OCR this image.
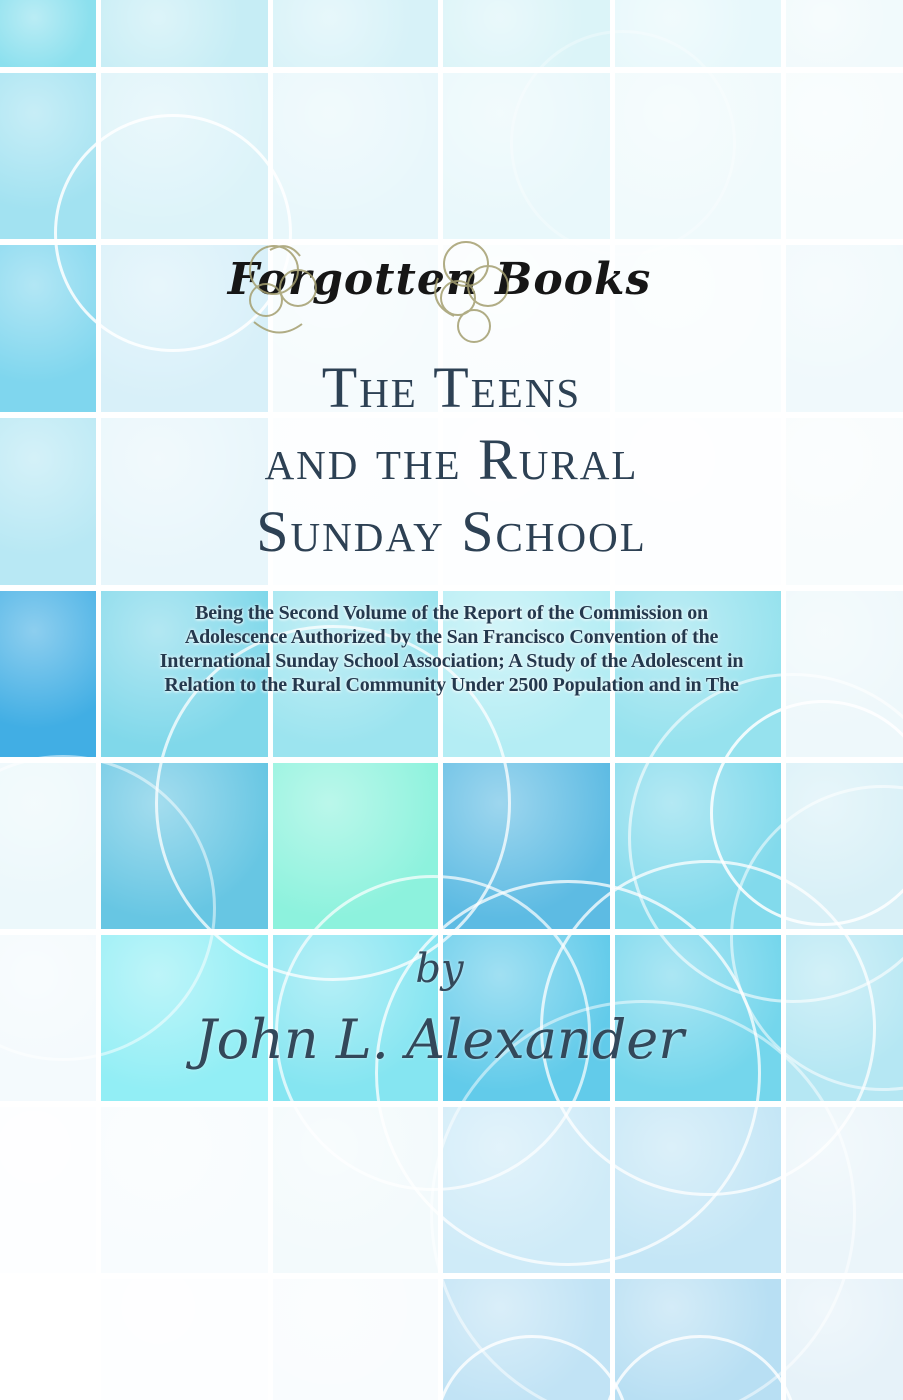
Forgotten Books
The Teens
and the Rural
Sunday School
Being the Second Volume of the Report of the Commission on
Adolescence Authorized by the San Francisco Convention of the
International Sunday School Association; A Study of the Adolescent in
Relation to the Rural Community Under 2500 Population and in The
by
John L. Alexander
